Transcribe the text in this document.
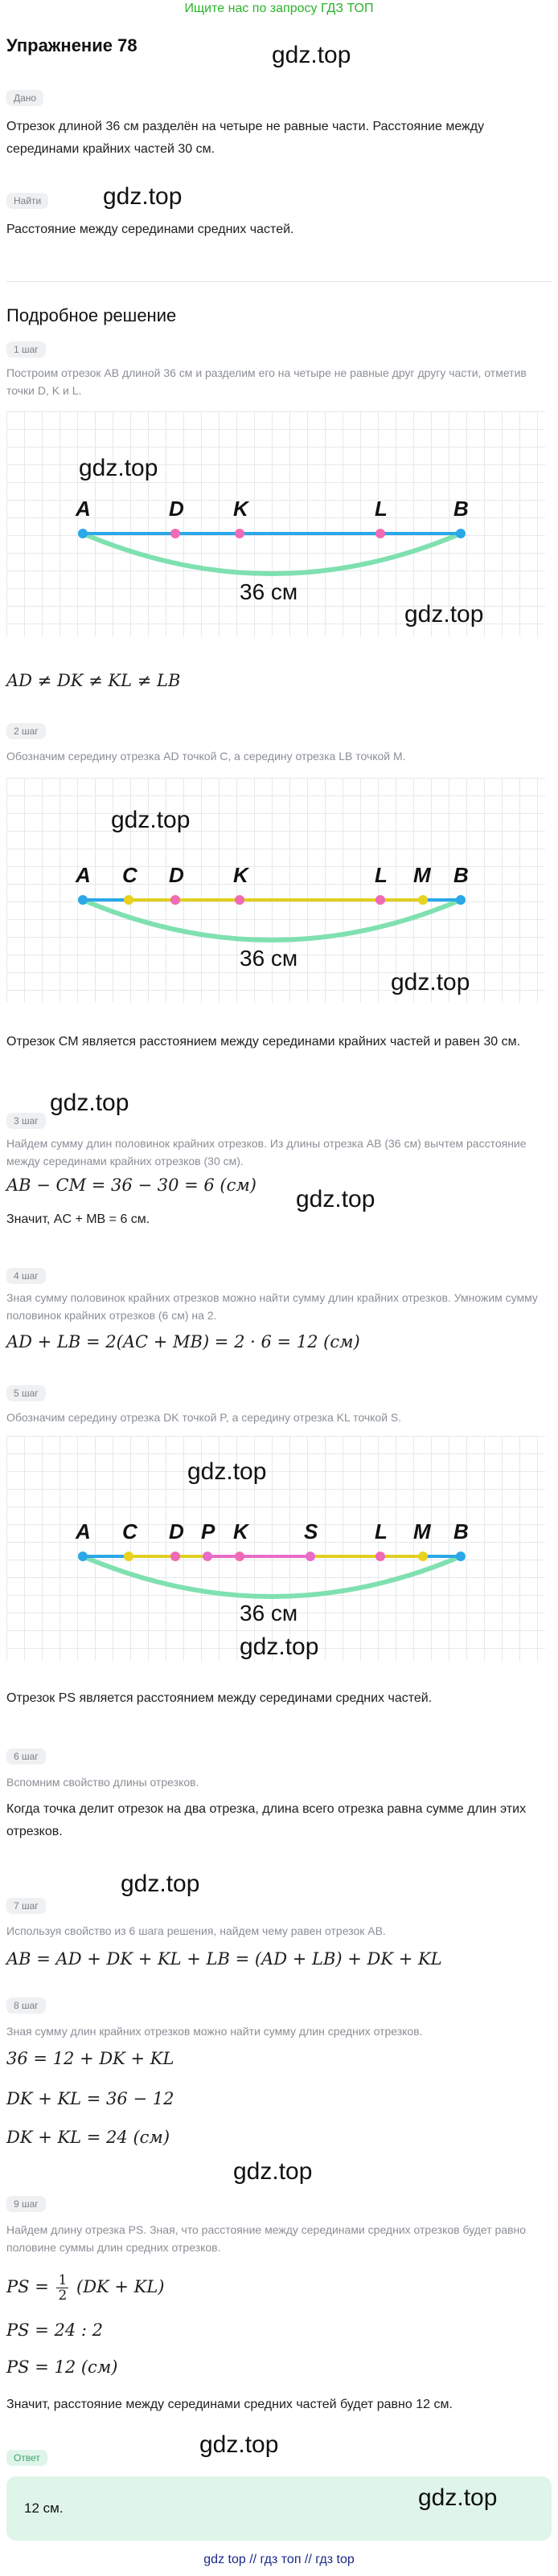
Ищите нас по запросу ГДЗ ТОП
Упражнение 78	gdz.top
Дано
Отрезок длиной 36 см разделён на четыре не равные части. Расстояние между серединами крайних частей 30 см.
Найти	gdz.top
Расстояние между серединами средних частей.
Подробное решение
1 шаг
Построим отрезок AB длиной 36 см и разделим его на четыре не равные друг другу части, отметив точки D, K и L.
gdz.top
A	D K	L	B
36 см
gdz.top
AD ≠ DK ≠ KL ≠ LB
2 шаг
Обозначим середину отрезка AD точкой C, а середину отрезка LB точкой M.
gdz.top
A C D K	L M B
36 см
gdz.top
Отрезок CM является расстоянием между серединами крайних частей и равен 30 см.
gdz.top
3 шаг
Найдем сумму длин половинок крайних отрезков. Из длины отрезка AB (36 см) вычтем расстояние между серединами крайних отрезков (30 см).
gdz.top
AB − CM = 36 − 30 = 6 (см)
Значит, AC + MB = 6 см.
4 шаг
Зная сумму половинок крайних отрезков можно найти сумму длин крайних отрезков. Умножим сумму половинок крайних отрезков (6 см) на 2.
AD + LB = 2(AC + MB) = 2 · 6 = 12 (см)
5 шаг
Обозначим середину отрезка DK точкой P, а середину отрезка KL точкой S.
gdz.top
A C D P K	S	L M B
36 см
gdz.top
Отрезок PS является расстоянием между серединами средних частей.
6 шаг
Вспомним свойство длины отрезков.
Когда точка делит отрезок на два отрезка, длина всего отрезка равна сумме длин этих отрезков.
gdz.top
7 шаг
Используя свойство из 6 шага решения, найдем чему равен отрезок AB.
AB = AD + DK + KL + LB = (AD + LB) + DK + KL
8 шаг
Зная сумму длин крайних отрезков можно найти сумму длин средних отрезков.
36 = 12 + DK + KL
DK + KL = 36 − 12
DK + KL = 24 (см)
gdz.top
9 шаг
Найдем длину отрезка PS. Зная, что расстояние между серединами средних отрезков будет равно половине суммы длин средних отрезков.
PS = $\frac{1}{2} (DK + KL)$
PS = 24 : 2
PS = 12 (см)
Значит, расстояние между серединами средних частей будет равно 12 см.
gdz.top
Ответ
12 см.	gdz.top
gdz top // гдз топ // гдз top
